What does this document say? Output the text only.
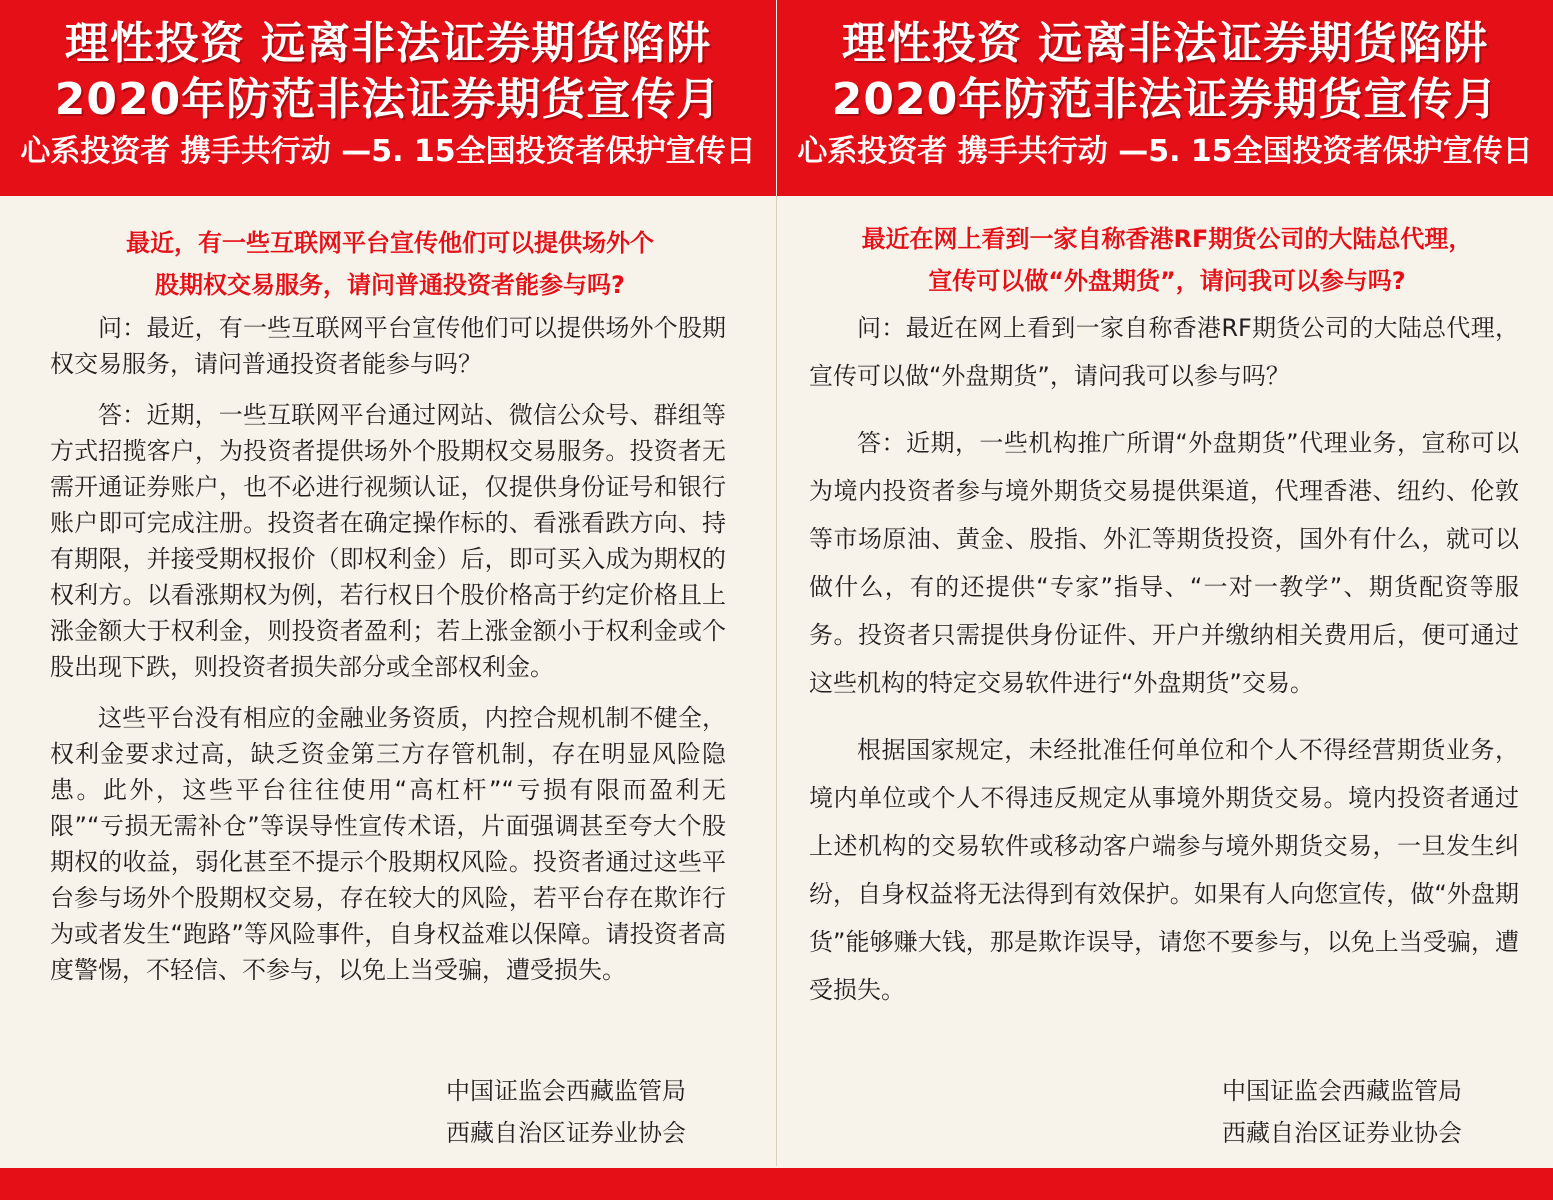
理性投资 远离非法证券期货陷阱
2020年防范非法证券期货宣传月
心系投资者 携手共行动 —5. 15全国投资者保护宣传日
最近，有一些互联网平台宣传他们可以提供场外个
股期权交易服务，请问普通投资者能参与吗?

问：最近，有一些互联网平台宣传他们可以提供场外个股期权交易服务，请问普通投资者能参与吗？

答：近期，一些互联网平台通过网站、微信公众号、群组等方式招揽客户，为投资者提供场外个股期权交易服务。投资者无需开通证券账户，也不必进行视频认证，仅提供身份证号和银行账户即可完成注册。投资者在确定操作标的、看涨看跌方向、持有期限，并接受期权报价（即权利金）后，即可买入成为期权的权利方。以看涨期权为例，若行权日个股价格高于约定价格且上涨金额大于权利金，则投资者盈利；若上涨金额小于权利金或个股出现下跌，则投资者损失部分或全部权利金。

这些平台没有相应的金融业务资质，内控合规机制不健全，权利金要求过高，缺乏资金第三方存管机制，存在明显风险隐患。此外，这些平台往往使用“高杠杆”“亏损有限而盈利无限”“亏损无需补仓”等误导性宣传术语，片面强调甚至夸大个股期权的收益，弱化甚至不提示个股期权风险。投资者通过这些平台参与场外个股期权交易，存在较大的风险，若平台存在欺诈行为或者发生“跑路”等风险事件，自身权益难以保障。请投资者高度警惕，不轻信、不参与，以免上当受骗，遭受损失。

中国证监会西藏监管局
西藏自治区证券业协会
理性投资 远离非法证券期货陷阱
2020年防范非法证券期货宣传月
心系投资者 携手共行动 —5. 15全国投资者保护宣传日
最近在网上看到一家自称香港RF期货公司的大陆总代理，
宣传可以做“外盘期货”，请问我可以参与吗?

问：最近在网上看到一家自称香港RF期货公司的大陆总代理，宣传可以做“外盘期货”，请问我可以参与吗？

答：近期，一些机构推广所谓“外盘期货”代理业务，宣称可以为境内投资者参与境外期货交易提供渠道，代理香港、纽约、伦敦等市场原油、黄金、股指、外汇等期货投资，国外有什么，就可以做什么，有的还提供“专家”指导、“一对一教学”、期货配资等服务。投资者只需提供身份证件、开户并缴纳相关费用后，便可通过这些机构的特定交易软件进行“外盘期货”交易。

根据国家规定，未经批准任何单位和个人不得经营期货业务，境内单位或个人不得违反规定从事境外期货交易。境内投资者通过上述机构的交易软件或移动客户端参与境外期货交易，一旦发生纠纷，自身权益将无法得到有效保护。如果有人向您宣传，做“外盘期货”能够赚大钱，那是欺诈误导，请您不要参与，以免上当受骗，遭受损失。

中国证监会西藏监管局
西藏自治区证券业协会
